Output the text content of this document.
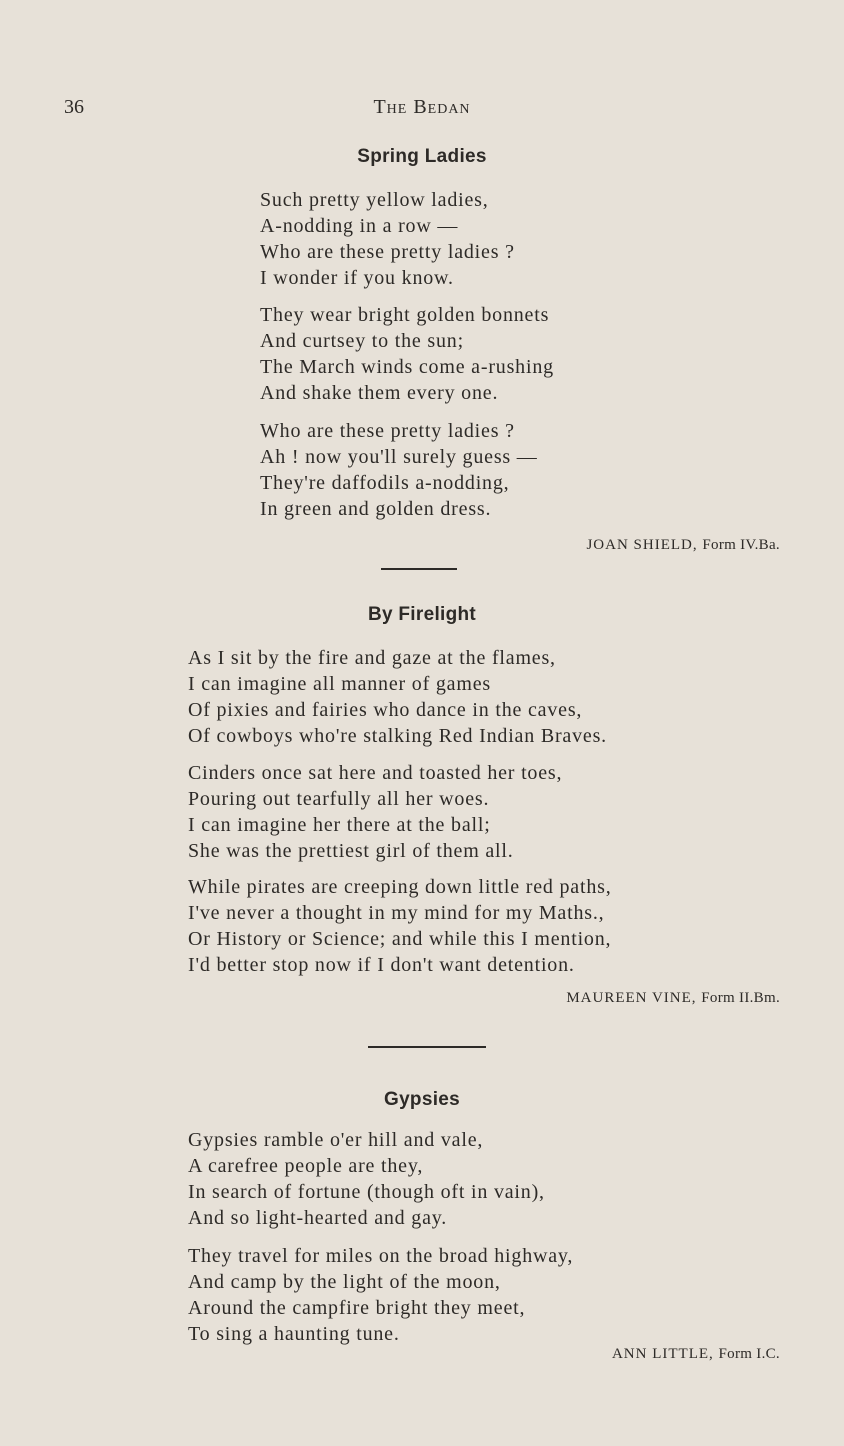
36	The Bedan
Spring Ladies
Such pretty yellow ladies,
A-nodding in a row —
Who are these pretty ladies ?
I wonder if you know.
They wear bright golden bonnets
And curtsey to the sun;
The March winds come a-rushing
And shake them every one.
Who are these pretty ladies ?
Ah ! now you'll surely guess —
They're daffodils a-nodding,
In green and golden dress.
JOAN SHIELD, Form IV.Ba.
By Firelight
As I sit by the fire and gaze at the flames,
I can imagine all manner of games
Of pixies and fairies who dance in the caves,
Of cowboys who're stalking Red Indian Braves.
Cinders once sat here and toasted her toes,
Pouring out tearfully all her woes.
I can imagine her there at the ball;
She was the prettiest girl of them all.
While pirates are creeping down little red paths,
I've never a thought in my mind for my Maths.,
Or History or Science; and while this I mention,
I'd better stop now if I don't want detention.
MAUREEN VINE, Form II.Bm.
Gypsies
Gypsies ramble o'er hill and vale,
A carefree people are they,
In search of fortune (though oft in vain),
And so light-hearted and gay.
They travel for miles on the broad highway,
And camp by the light of the moon,
Around the campfire bright they meet,
To sing a haunting tune.
ANN LITTLE, Form I.C.
